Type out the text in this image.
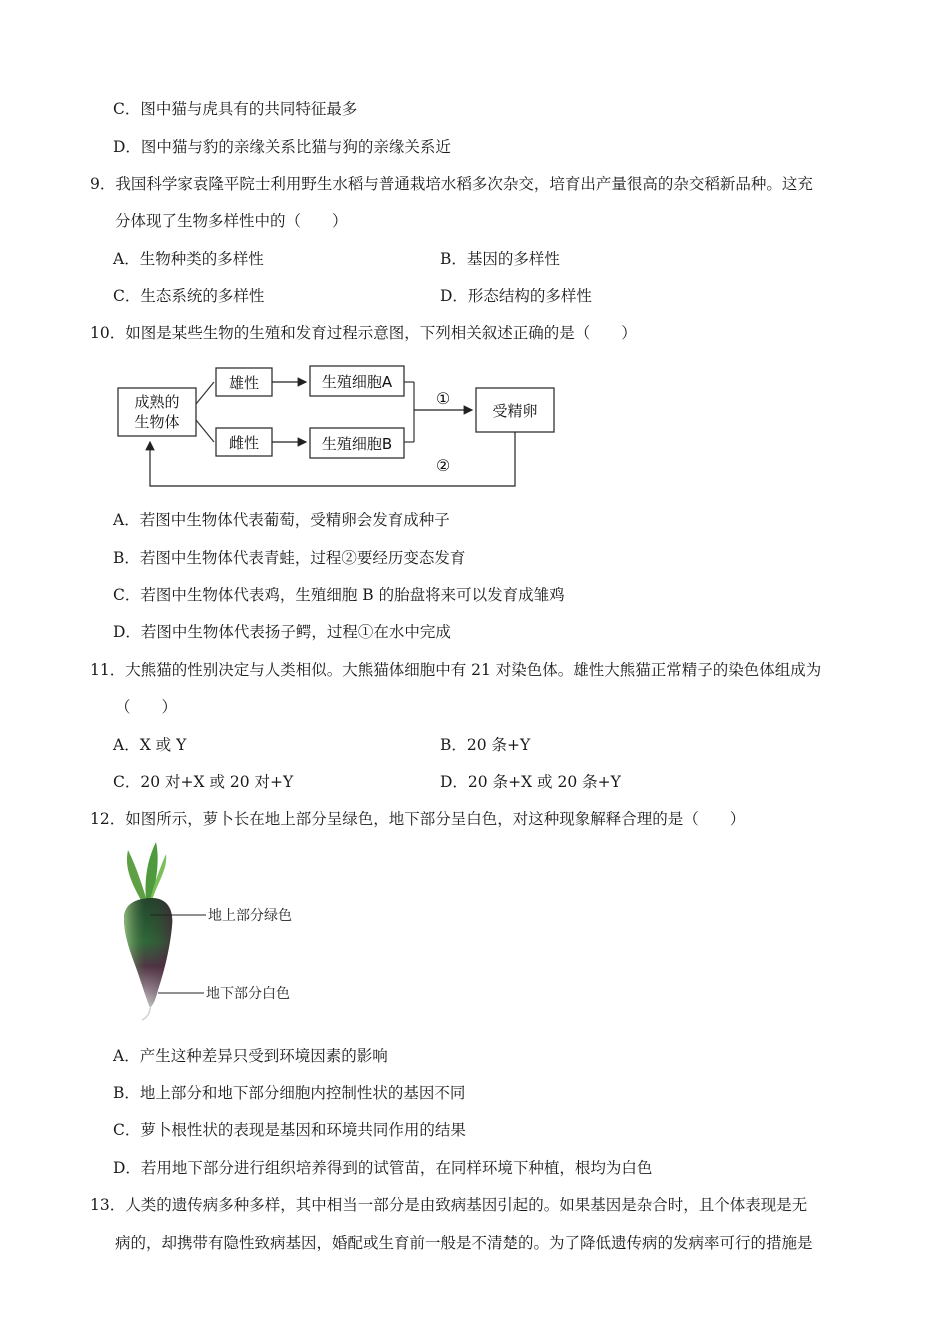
C．图中猫与虎具有的共同特征最多
D．图中猫与豹的亲缘关系比猫与狗的亲缘关系近
9．我国科学家袁隆平院士利用野生水稻与普通栽培水稻多次杂交，培育出产量很高的杂交稻新品种。这充
分体现了生物多样性中的（　　）
A．生物种类的多样性	B．基因的多样性
C．生态系统的多样性	D．形态结构的多样性
10．如图是某些生物的生殖和发育过程示意图，下列相关叙述正确的是（　　）
成熟的
生物体
雄性
雌性
生殖细胞A
生殖细胞B
①
受精卵
②
A．若图中生物体代表葡萄，受精卵会发育成种子
B．若图中生物体代表青蛙，过程②要经历变态发育
C．若图中生物体代表鸡，生殖细胞 B 的胎盘将来可以发育成雏鸡
D．若图中生物体代表扬子鳄，过程①在水中完成
11．大熊猫的性别决定与人类相似。大熊猫体细胞中有 21 对染色体。雄性大熊猫正常精子的染色体组成为
（　　）
A．X 或 Y	B．20 条+Y
C．20 对+X 或 20 对+Y	D．20 条+X 或 20 条+Y
12．如图所示，萝卜长在地上部分呈绿色，地下部分呈白色，对这种现象解释合理的是（　　）
地上部分绿色
地下部分白色
A．产生这种差异只受到环境因素的影响
B．地上部分和地下部分细胞内控制性状的基因不同
C．萝卜根性状的表现是基因和环境共同作用的结果
D．若用地下部分进行组织培养得到的试管苗，在同样环境下种植，根均为白色
13．人类的遗传病多种多样，其中相当一部分是由致病基因引起的。如果基因是杂合时，且个体表现是无
病的，却携带有隐性致病基因，婚配或生育前一般是不清楚的。为了降低遗传病的发病率可行的措施是
